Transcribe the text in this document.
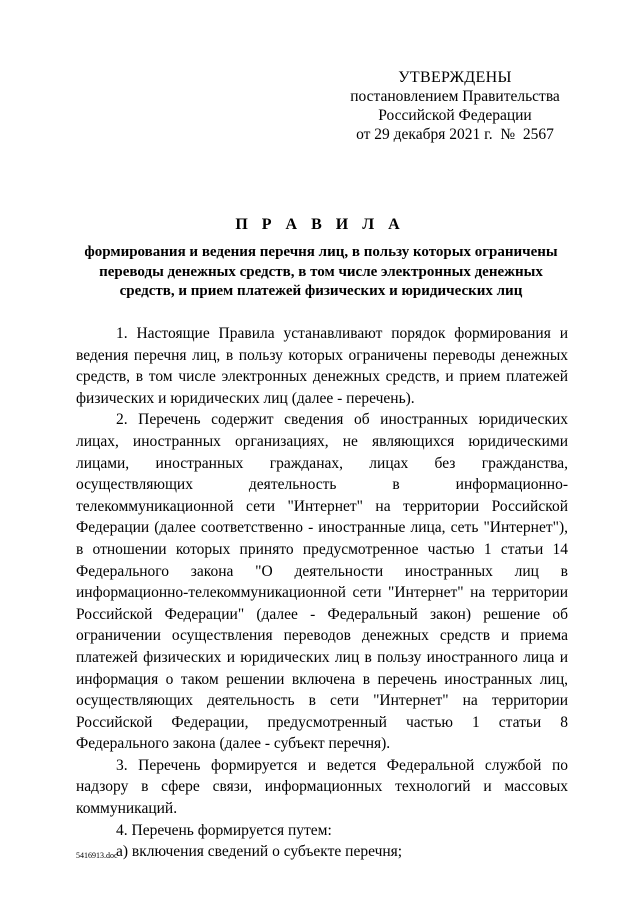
УТВЕРЖДЕНЫ
постановлением Правительства
Российской Федерации
от 29 декабря 2021 г.  №  2567
П Р А В И Л А
формирования и ведения перечня лиц, в пользу которых ограничены переводы денежных средств, в том числе электронных денежных средств, и прием платежей физических и юридических лиц

1. Настоящие Правила устанавливают порядок формирования и ведения перечня лиц, в пользу которых ограничены переводы денежных средств, в том числе электронных денежных средств, и прием платежей физических и юридических лиц (далее - перечень).

2. Перечень содержит сведения об иностранных юридических лицах, иностранных организациях, не являющихся юридическими лицами, иностранных гражданах, лицах без гражданства, осуществляющих деятельность в информационно-телекоммуникационной сети "Интернет" на территории Российской Федерации (далее соответственно - иностранные лица, сеть "Интернет"), в отношении которых принято предусмотренное частью 1 статьи 14 Федерального закона "О деятельности иностранных лиц в информационно-телекоммуникационной сети "Интернет" на территории Российской Федерации" (далее - Федеральный закон) решение об ограничении осуществления переводов денежных средств и приема платежей физических и юридических лиц в пользу иностранного лица и информация о таком решении включена в перечень иностранных лиц, осуществляющих деятельность в сети "Интернет" на территории Российской Федерации, предусмотренный частью 1 статьи 8 Федерального закона (далее - субъект перечня).

3. Перечень формируется и ведется Федеральной службой по надзору в сфере связи, информационных технологий и массовых коммуникаций.

4. Перечень формируется путем:

а) включения сведений о субъекте перечня;

5416913.doc
